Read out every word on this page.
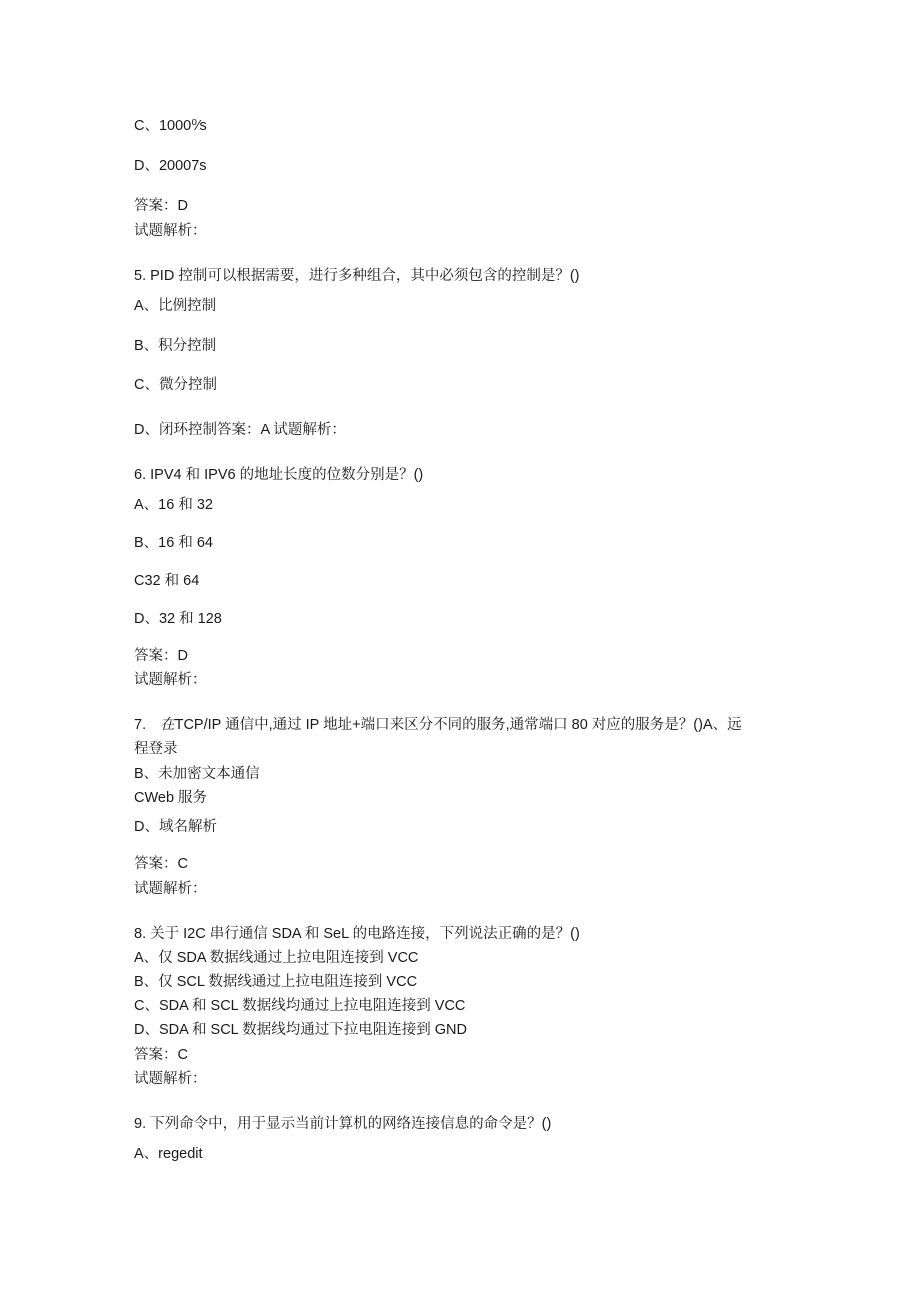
C、1000⁰⁄s

D、20007s

答案：D

试题解析：

5. PID 控制可以根据需要，进行多种组合，其中必须包含的控制是？()

A、比例控制

B、积分控制

C、微分控制

D、闭环控制答案：A 试题解析：

6. IPV4 和 IPV6 的地址长度的位数分别是？()

A、16 和 32

B、16 和 64

C32 和 64

D、32 和 128

答案：D

试题解析：

7. 在TCP/IP 通信中,通过 IP 地址+端口来区分不同的服务,通常端口 80 对应的服务是？()A、远

程登录

B、未加密文本通信

CWeb 服务

D、域名解析

答案：C

试题解析：

8. 关于 I2C 串行通信 SDA 和 SeL 的电路连接，下列说法正确的是？()

A、仅 SDA 数据线通过上拉电阻连接到 VCC

B、仅 SCL 数据线通过上拉电阻连接到 VCC

C、SDA 和 SCL 数据线均通过上拉电阻连接到 VCC

D、SDA 和 SCL 数据线均通过下拉电阻连接到 GND

答案：C

试题解析：

9. 下列命令中，用于显示当前计算机的网络连接信息的命令是？()

A、regedit
